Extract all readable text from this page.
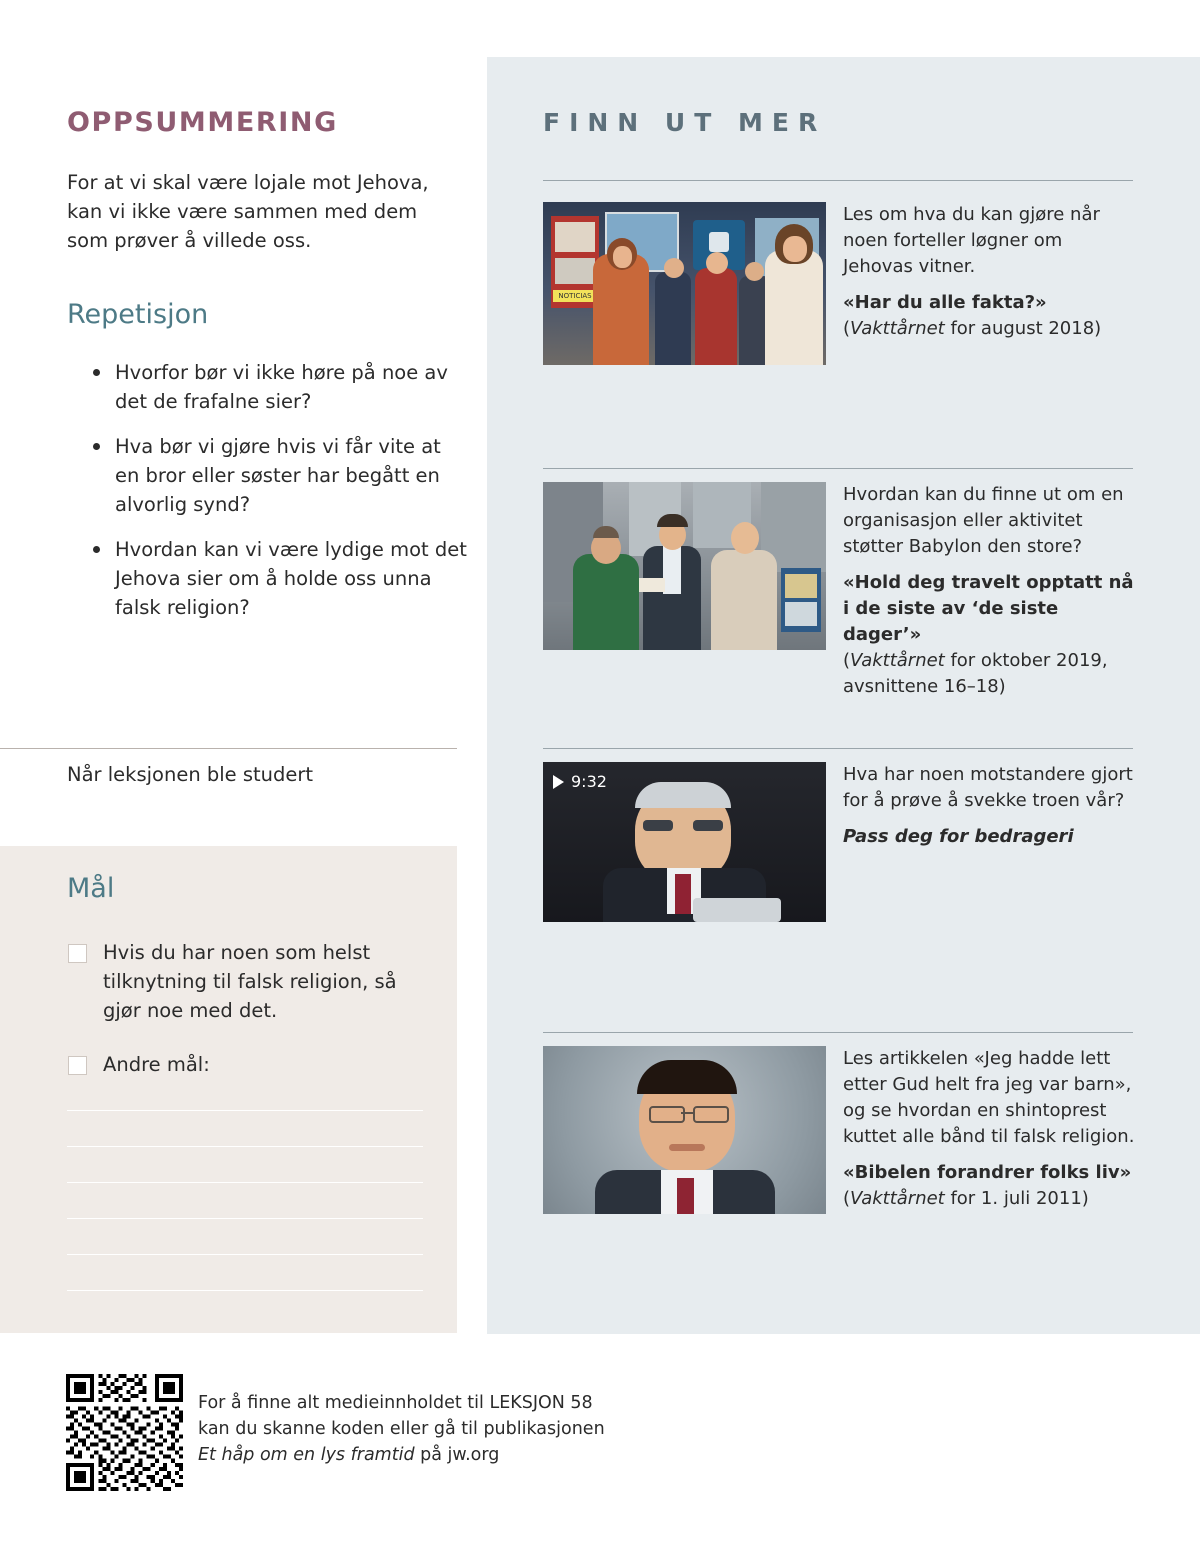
OPPSUMMERING
For at vi skal være lojale mot Jehova, kan vi ikke være sammen med dem som prøver å villede oss.
Repetisjon
Hvorfor bør vi ikke høre på noe av det de frafalne sier?
Hva bør vi gjøre hvis vi får vite at en bror eller søster har begått en alvorlig synd?
Hvordan kan vi være lydige mot det Jehova sier om å holde oss unna falsk religion?
Når leksjonen ble studert
Mål
Hvis du har noen som helst tilknytning til falsk religion, så gjør noe med det.
Andre mål:
FINN UT MER
NOTICIAS

Les om hva du kan gjøre når noen forteller løgner om Jehovas vitner.

«Har du alle fakta?»

(Vakttårnet for august 2018)

Hvordan kan du finne ut om en organisasjon eller aktivitet støtter Babylon den store?

«Hold deg travelt opptatt nå i de siste av ‘de siste dager’»

(Vakttårnet for oktober 2019, avsnittene 16–18)

9:32	Hva har noen motstandere gjort for å prøve å svekke troen vår?

Pass deg for bedrageri

Les artikkelen «Jeg hadde lett etter Gud helt fra jeg var barn», og se hvordan en shintoprest kuttet alle bånd til falsk religion.

«Bibelen forandrer folks liv»

(Vakttårnet for 1. juli 2011)

For å finne alt medieinnholdet til LEKSJON 58
kan du skanne koden eller gå til publikasjonen
Et håp om en lys framtid på jw.org
